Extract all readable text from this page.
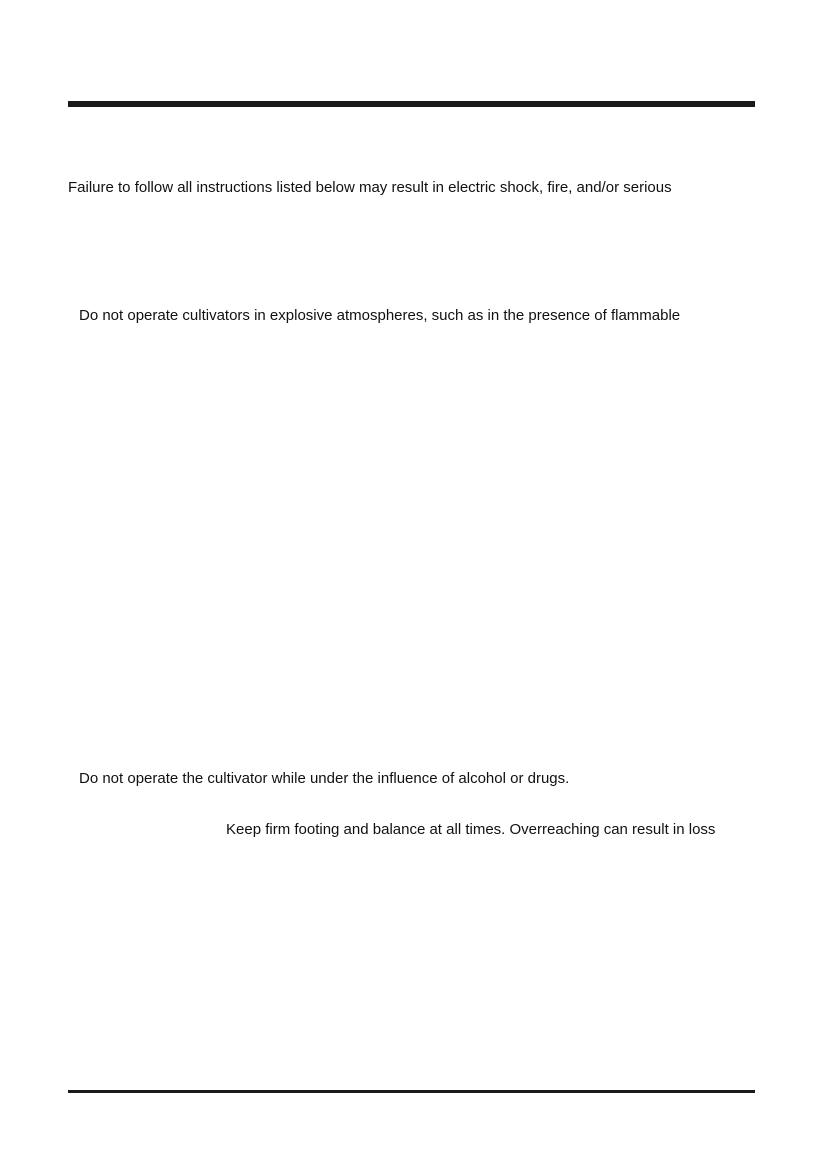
Failure to follow all instructions listed below may result in electric shock, fire, and/or serious

Do not operate cultivators in explosive atmospheres, such as in the presence of flammable

Do not operate the cultivator while under the influence of alcohol or drugs.

Keep firm footing and balance at all times. Overreaching can result in loss
